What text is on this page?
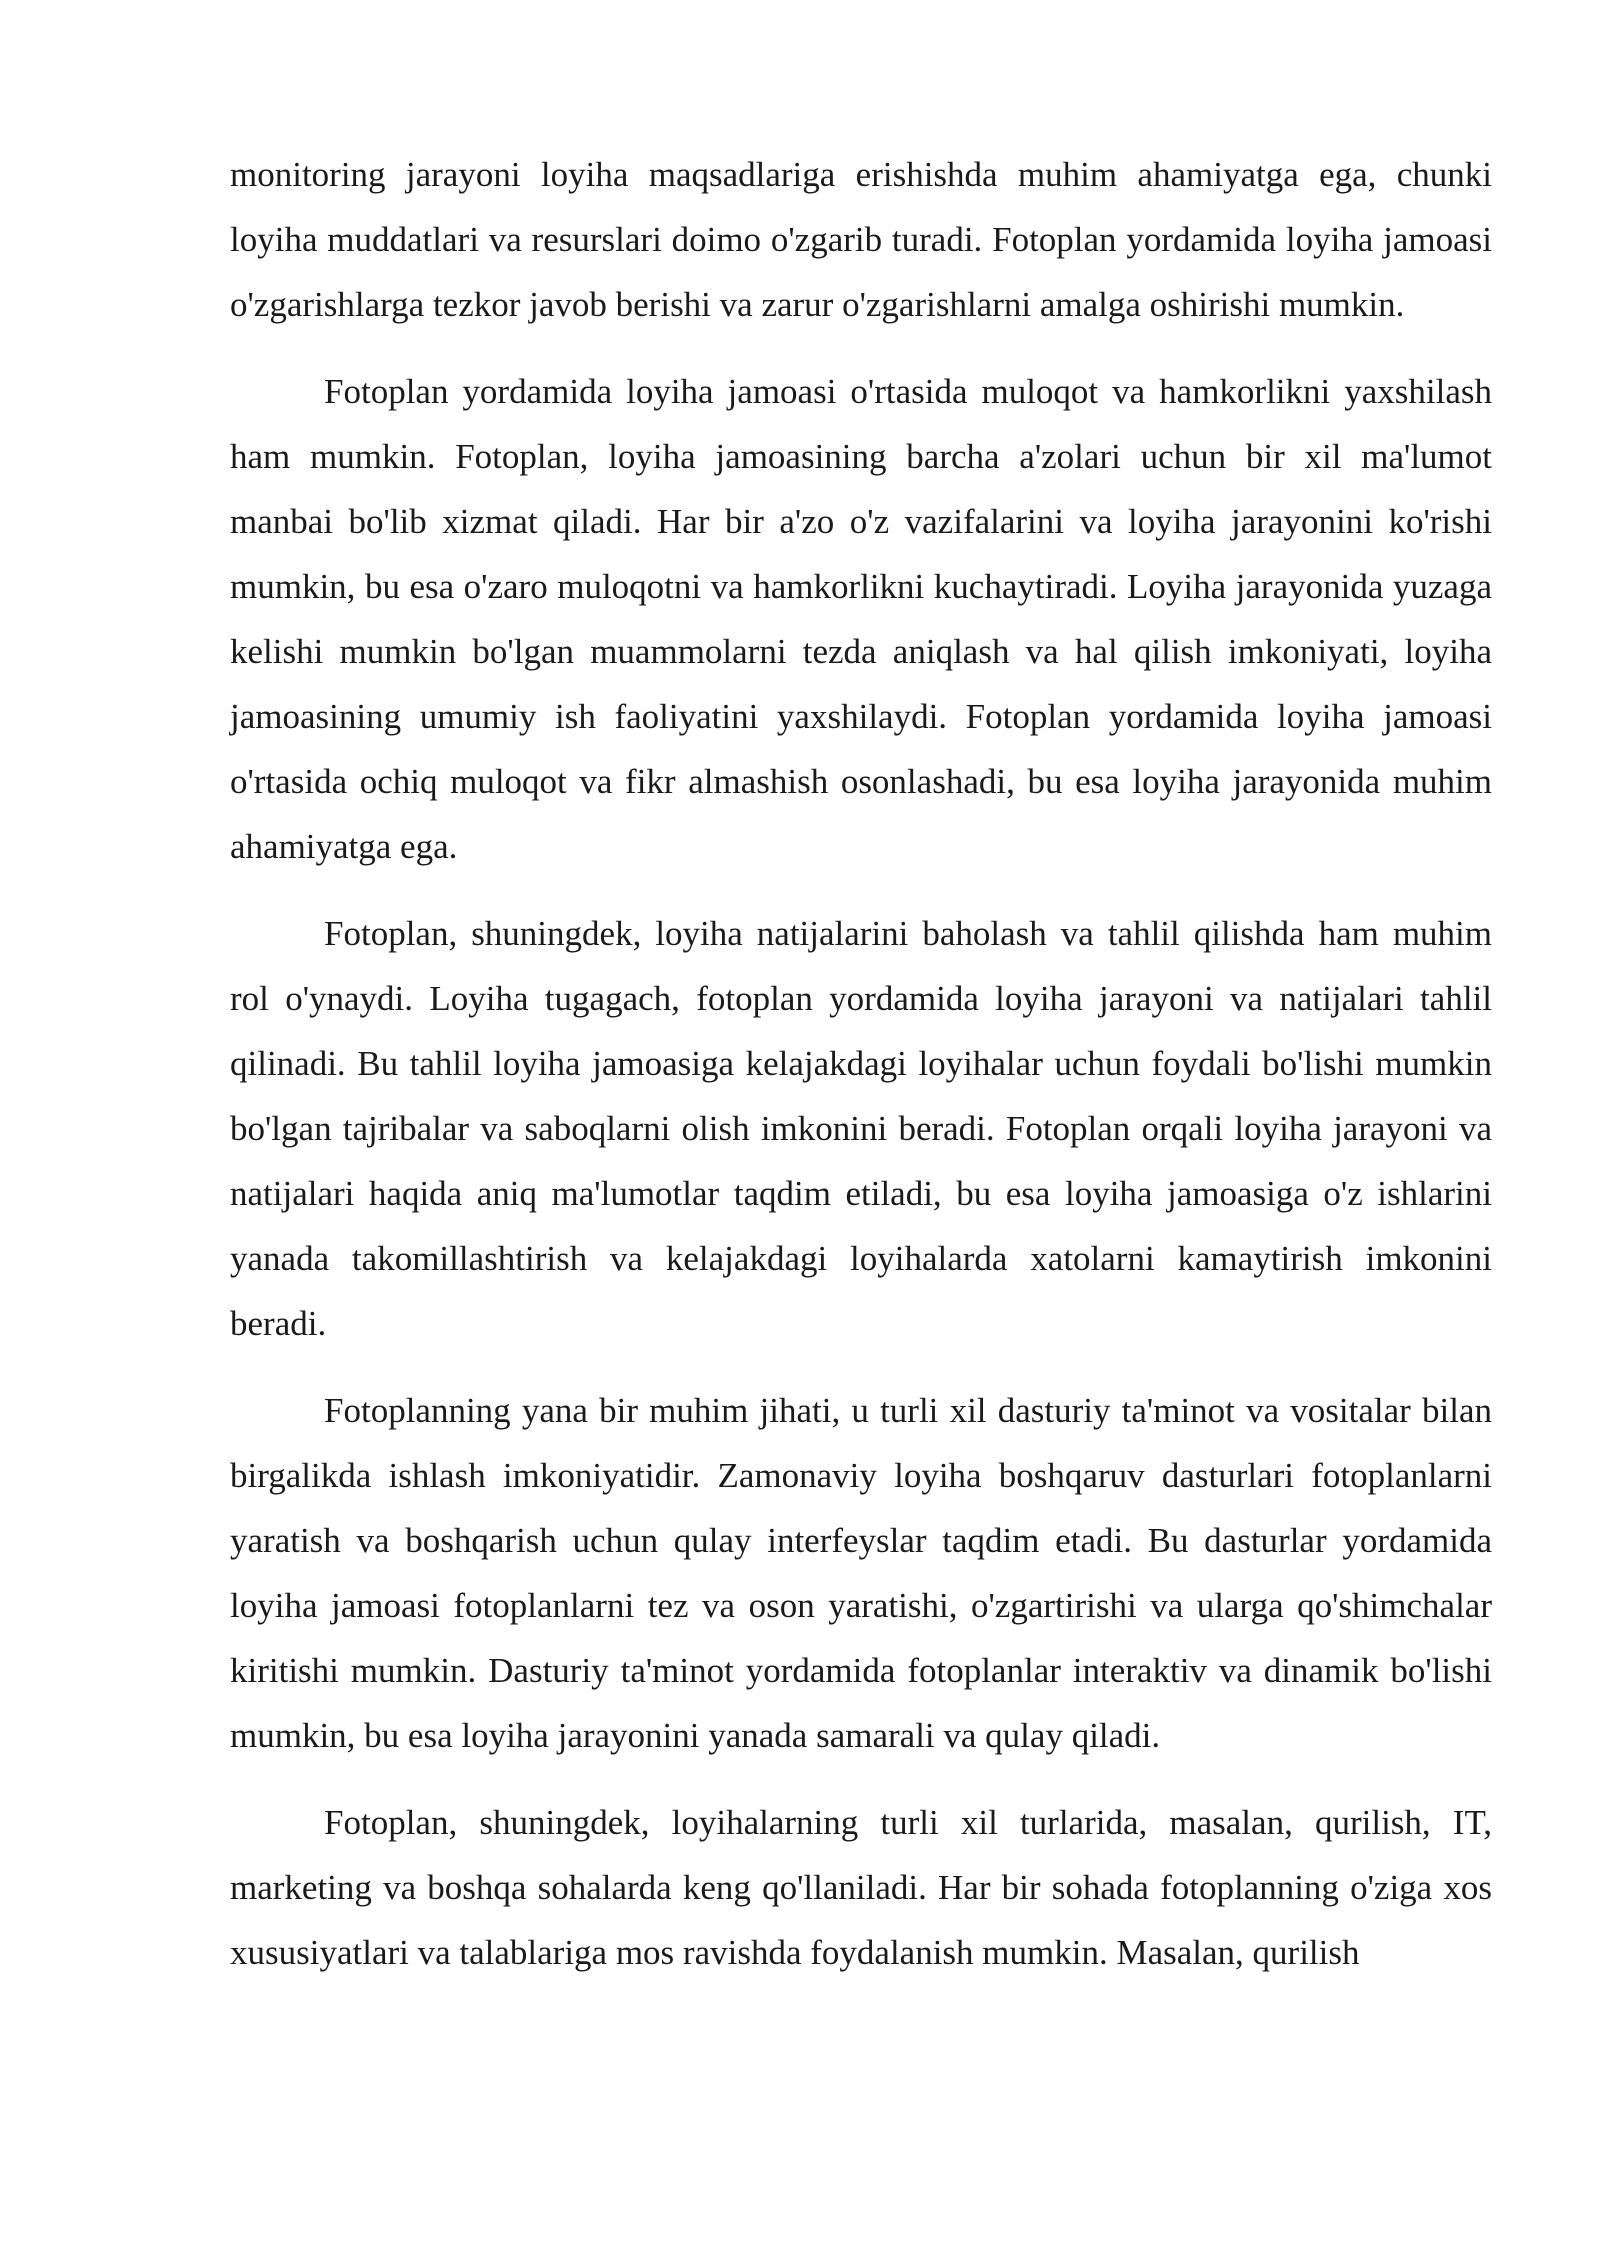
monitoring jarayoni loyiha maqsadlariga erishishda muhim ahamiyatga ega, chunki loyiha muddatlari va resurslari doimo o'zgarib turadi. Fotoplan yordamida loyiha jamoasi o'zgarishlarga tezkor javob berishi va zarur o'zgarishlarni amalga oshirishi mumkin.

Fotoplan yordamida loyiha jamoasi o'rtasida muloqot va hamkorlikni yaxshilash ham mumkin. Fotoplan, loyiha jamoasining barcha a'zolari uchun bir xil ma'lumot manbai bo'lib xizmat qiladi. Har bir a'zo o'z vazifalarini va loyiha jarayonini ko'rishi mumkin, bu esa o'zaro muloqotni va hamkorlikni kuchaytiradi. Loyiha jarayonida yuzaga kelishi mumkin bo'lgan muammolarni tezda aniqlash va hal qilish imkoniyati, loyiha jamoasining umumiy ish faoliyatini yaxshilaydi. Fotoplan yordamida loyiha jamoasi o'rtasida ochiq muloqot va fikr almashish osonlashadi, bu esa loyiha jarayonida muhim ahamiyatga ega.

Fotoplan, shuningdek, loyiha natijalarini baholash va tahlil qilishda ham muhim rol o'ynaydi. Loyiha tugagach, fotoplan yordamida loyiha jarayoni va natijalari tahlil qilinadi. Bu tahlil loyiha jamoasiga kelajakdagi loyihalar uchun foydali bo'lishi mumkin bo'lgan tajribalar va saboqlarni olish imkonini beradi. Fotoplan orqali loyiha jarayoni va natijalari haqida aniq ma'lumotlar taqdim etiladi, bu esa loyiha jamoasiga o'z ishlarini yanada takomillashtirish va kelajakdagi loyihalarda xatolarni kamaytirish imkonini beradi.

Fotoplanning yana bir muhim jihati, u turli xil dasturiy ta'minot va vositalar bilan birgalikda ishlash imkoniyatidir. Zamonaviy loyiha boshqaruv dasturlari fotoplanlarni yaratish va boshqarish uchun qulay interfeyslar taqdim etadi. Bu dasturlar yordamida loyiha jamoasi fotoplanlarni tez va oson yaratishi, o'zgartirishi va ularga qo'shimchalar kiritishi mumkin. Dasturiy ta'minot yordamida fotoplanlar interaktiv va dinamik bo'lishi mumkin, bu esa loyiha jarayonini yanada samarali va qulay qiladi.

Fotoplan, shuningdek, loyihalarning turli xil turlarida, masalan, qurilish, IT, marketing va boshqa sohalarda keng qo'llaniladi. Har bir sohada fotoplanning o'ziga xos xususiyatlari va talablariga mos ravishda foydalanish mumkin. Masalan, qurilish
